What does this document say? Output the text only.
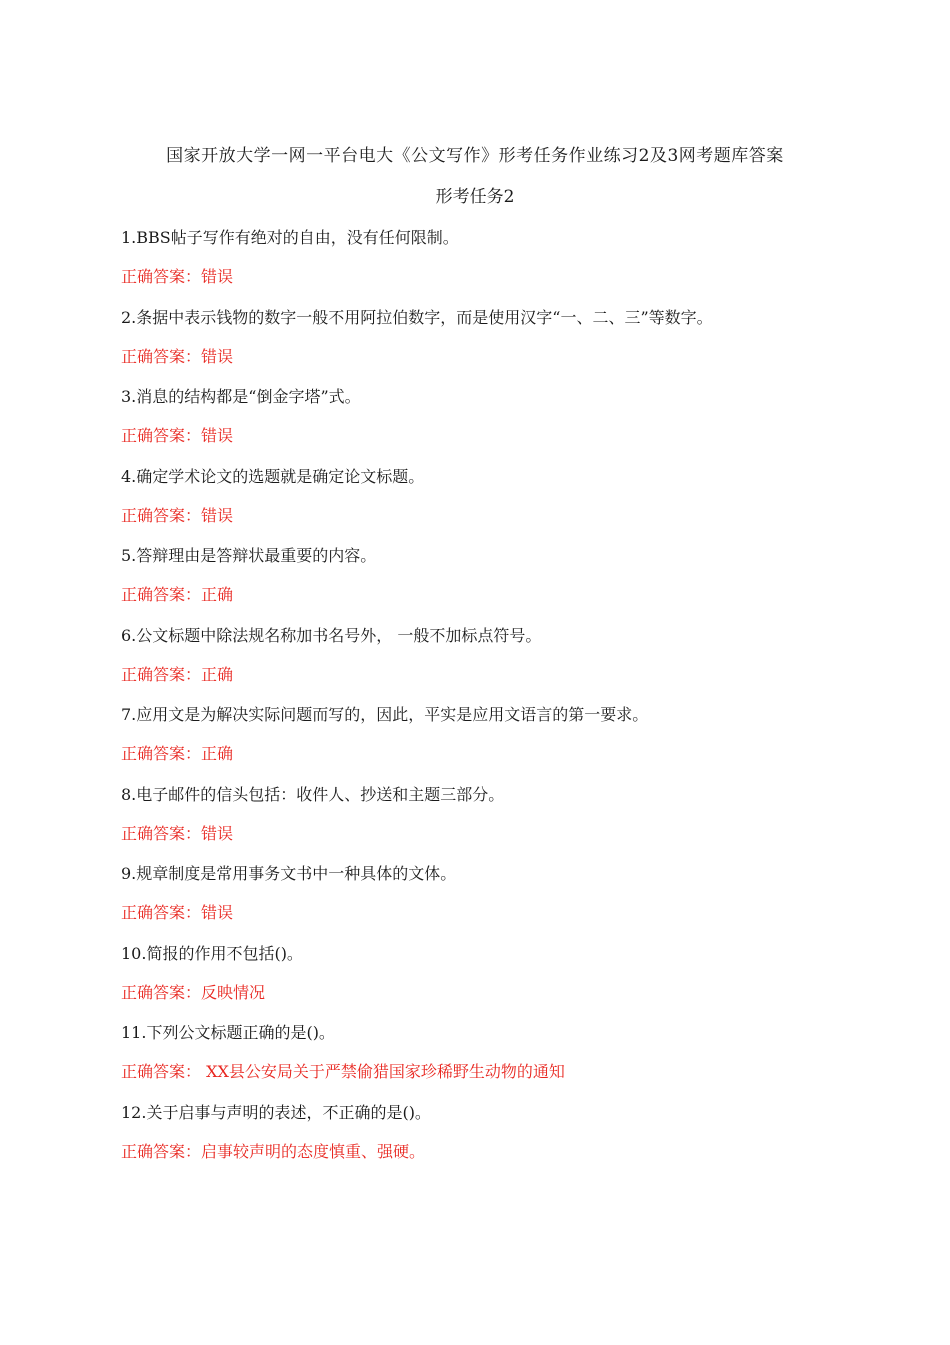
国家开放大学一网一平台电大《公文写作》形考任务作业练习2及3网考题库答案
形考任务2
1.BBS帖子写作有绝对的自由，没有任何限制。
正确答案：错误
2.条据中表示钱物的数字一般不用阿拉伯数字，而是使用汉字“一、二、三”等数字。
正确答案：错误
3.消息的结构都是“倒金字塔”式。
正确答案：错误
4.确定学术论文的选题就是确定论文标题。
正确答案：错误
5.答辩理由是答辩状最重要的内容。
正确答案：正确
6.公文标题中除法规名称加书名号外， 一般不加标点符号。
正确答案：正确
7.应用文是为解决实际问题而写的，因此，平实是应用文语言的第一要求。
正确答案：正确
8.电子邮件的信头包括：收件人、抄送和主题三部分。
正确答案：错误
9.规章制度是常用事务文书中一种具体的文体。
正确答案：错误
10.简报的作用不包括()。
正确答案：反映情况
11.下列公文标题正确的是()。
正确答案： XX县公安局关于严禁偷猎国家珍稀野生动物的通知
12.关于启事与声明的表述，不正确的是()。
正确答案：启事较声明的态度慎重、强硬。
